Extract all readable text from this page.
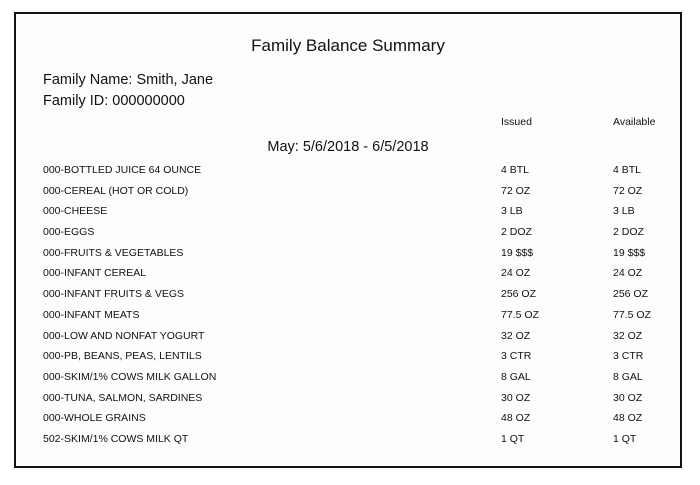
Family Balance Summary
Family Name: Smith, Jane
Family ID: 000000000
Issued	Available
May: 5/6/2018 - 6/5/2018
000-BOTTLED JUICE 64 OUNCE	4 BTL	4 BTL
000-CEREAL (HOT OR COLD)	72 OZ	72 OZ
000-CHEESE	3 LB	3 LB
000-EGGS	2 DOZ	2 DOZ
000-FRUITS & VEGETABLES	19 $$$	19 $$$
000-INFANT CEREAL	24 OZ	24 OZ
000-INFANT FRUITS & VEGS	256 OZ	256 OZ
000-INFANT MEATS	77.5 OZ	77.5 OZ
000-LOW AND NONFAT YOGURT	32 OZ	32 OZ
000-PB, BEANS, PEAS, LENTILS	3 CTR	3 CTR
000-SKIM/1% COWS MILK GALLON	8 GAL	8 GAL
000-TUNA, SALMON, SARDINES	30 OZ	30 OZ
000-WHOLE GRAINS	48 OZ	48 OZ
502-SKIM/1% COWS MILK QT	1 QT	1 QT
